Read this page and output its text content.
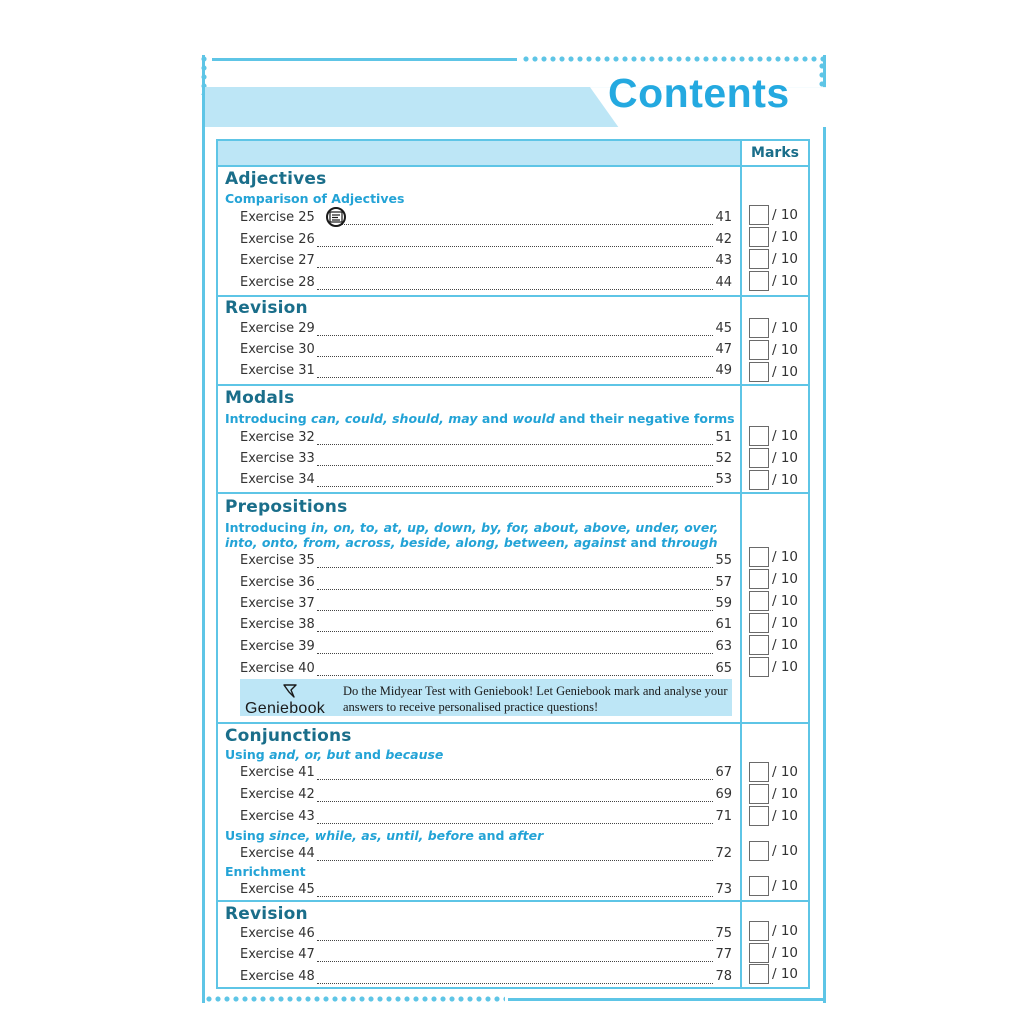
Contents
Marks
Adjectives
Comparison of Adjectives
Exercise 25	41	/ 10
Exercise 26	42	/ 10
Exercise 27	43	/ 10
Exercise 28	44	/ 10
Revision
Exercise 29	45	/ 10
Exercise 30	47	/ 10
Exercise 31	49	/ 10
Modals
Introducing can, could, should, may and would and their negative forms
Exercise 32	51	/ 10
Exercise 33	52	/ 10
Exercise 34	53	/ 10
Prepositions
Introducing in, on, to, at, up, down, by, for, about, above, under, over, into, onto, from, across, beside, along, between, against and through
Exercise 35	55	/ 10
Exercise 36	57	/ 10
Exercise 37	59	/ 10
Exercise 38	61	/ 10
Exercise 39	63	/ 10
Exercise 40	65	/ 10
Geniebook
Do the Midyear Test with Geniebook! Let Geniebook mark and analyse your answers to receive personalised practice questions!
Conjunctions
Using and, or, but and because
Exercise 41	67	/ 10
Exercise 42	69	/ 10
Exercise 43	71	/ 10
Using since, while, as, until, before and after
Exercise 44	72	/ 10
Enrichment
Exercise 45	73	/ 10
Revision
Exercise 46	75	/ 10
Exercise 47	77	/ 10
Exercise 48	78	/ 10
